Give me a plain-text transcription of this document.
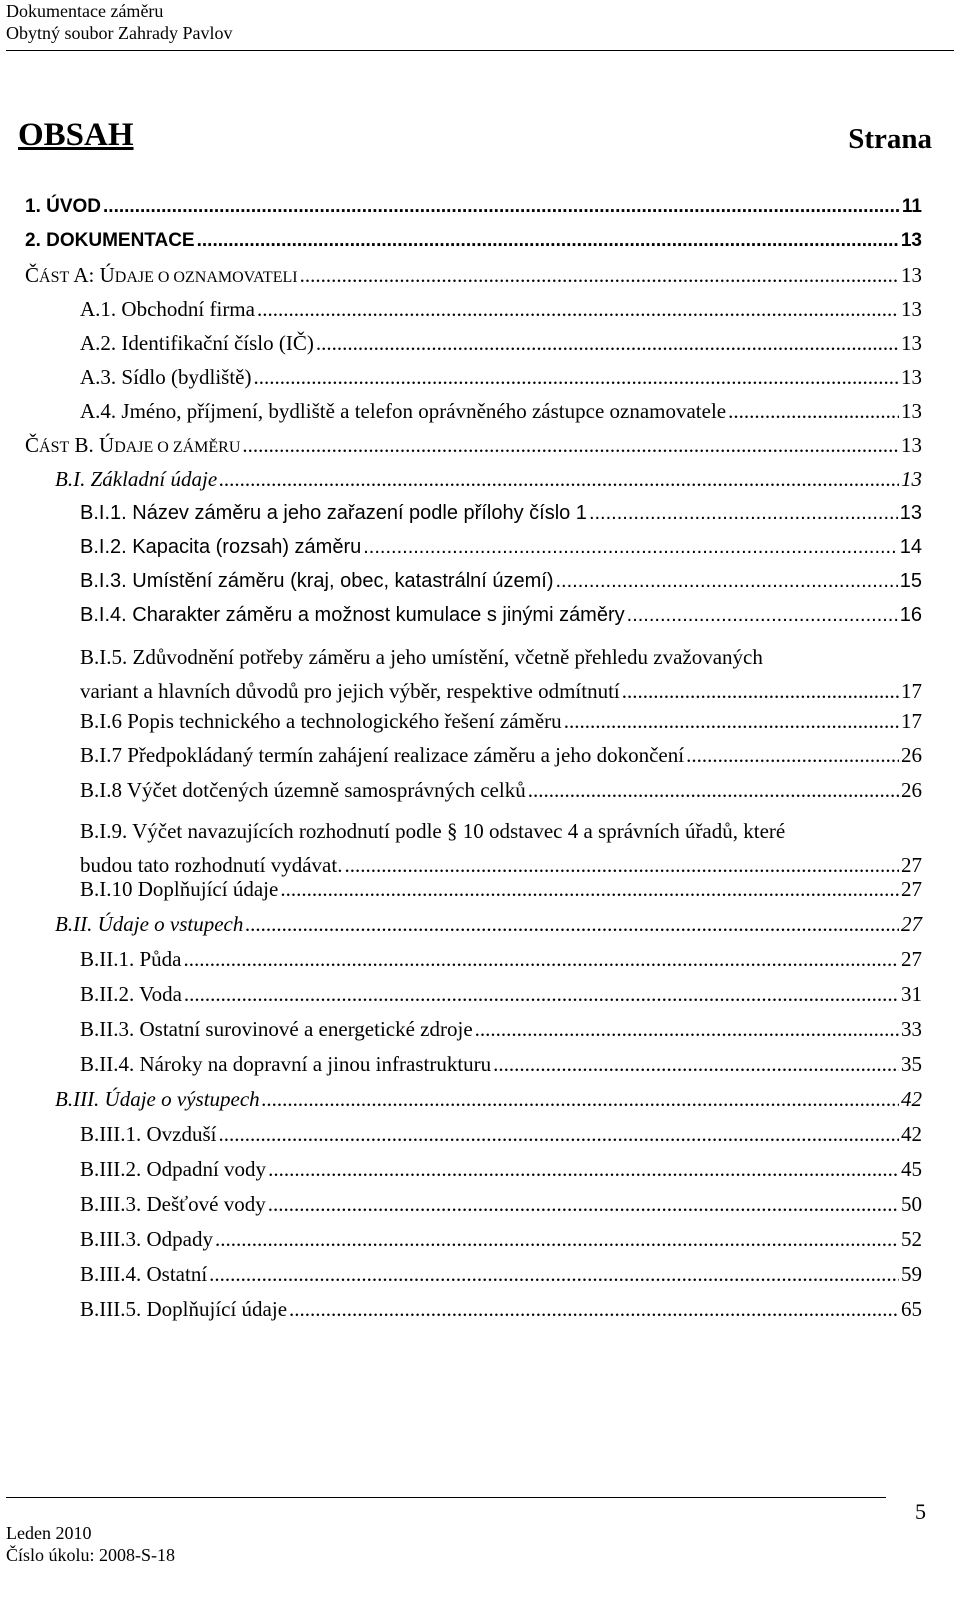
Dokumentace záměru
Obytný soubor Zahrady Pavlov
OBSAH	Strana
1. ÚVOD .....	11
2. DOKUMENTACE .....	13
ČÁST A: ÚDAJE O OZNAMOVATELI .....	13
A.1. Obchodní firma .....	13
A.2. Identifikační číslo (IČ) .....	13
A.3. Sídlo (bydliště) .....	13
A.4. Jméno, příjmení, bydliště a telefon oprávněného zástupce oznamovatele .....	13
ČÁST B. ÚDAJE O ZÁMĚRU .....	13
B.I. Základní údaje .....	13
B.I.1. Název záměru a jeho zařazení podle přílohy číslo 1 .....	13
B.I.2. Kapacita (rozsah) záměru .....	14
B.I.3. Umístění záměru (kraj, obec, katastrální území) .....	15
B.I.4. Charakter záměru a možnost kumulace s jinými záměry .....	16
B.I.5. Zdůvodnění potřeby záměru a jeho umístění, včetně přehledu zvažovaných
variant a hlavních důvodů pro jejich výběr, respektive odmítnutí .....	17
B.I.6 Popis technického a technologického řešení záměru .....	17
B.I.7 Předpokládaný termín zahájení realizace záměru a jeho dokončení .....	26
B.I.8 Výčet dotčených územně samosprávných celků .....	26
B.I.9. Výčet navazujících rozhodnutí podle § 10 odstavec 4 a správních úřadů, které
budou tato rozhodnutí vydávat. .....	27
B.I.10 Doplňující údaje .....	27
B.II. Údaje o vstupech .....	27
B.II.1. Půda .....	27
B.II.2. Voda .....	31
B.II.3. Ostatní surovinové a energetické zdroje .....	33
B.II.4. Nároky na dopravní a jinou infrastrukturu .....	35
B.III. Údaje o výstupech .....	42
B.III.1. Ovzduší .....	42
B.III.2. Odpadní vody .....	45
B.III.3. Dešťové vody .....	50
B.III.3. Odpady .....	52
B.III.4. Ostatní .....	59
B.III.5. Doplňující údaje .....	65
5
Leden 2010
Číslo úkolu: 2008-S-18
